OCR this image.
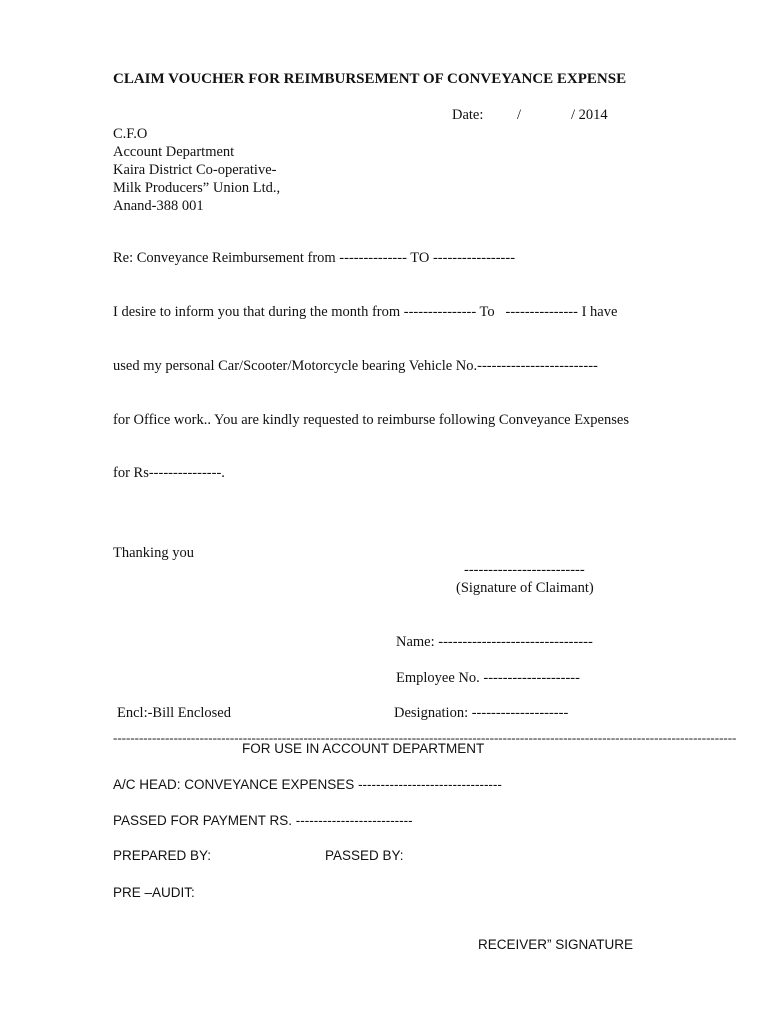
CLAIM VOUCHER FOR REIMBURSEMENT OF CONVEYANCE EXPENSE
Date: /	/ 2014
C.F.O
Account Department
Kaira District Co-operative-
Milk Producers” Union Ltd.,
Anand-388 001
Re: Conveyance Reimbursement from -------------- TO -----------------
I desire to inform you that during the month from --------------- To   --------------- I have
used my personal Car/Scooter/Motorcycle bearing Vehicle No.-------------------------
for Office work.. You are kindly requested to reimburse following Conveyance Expenses
for Rs---------------.
Thanking you
-------------------------
(Signature of Claimant)
Name: --------------------------------
Employee No. --------------------
Designation: --------------------
Encl:-Bill Enclosed
------------------------------------------------------------------------------------------------------------------------------------------------
FOR USE IN ACCOUNT DEPARTMENT
A/C HEAD: CONVEYANCE EXPENSES --------------------------------
PASSED FOR PAYMENT RS. --------------------------
PREPARED BY:	PASSED BY:
PRE –AUDIT:
RECEIVER” SIGNATURE
